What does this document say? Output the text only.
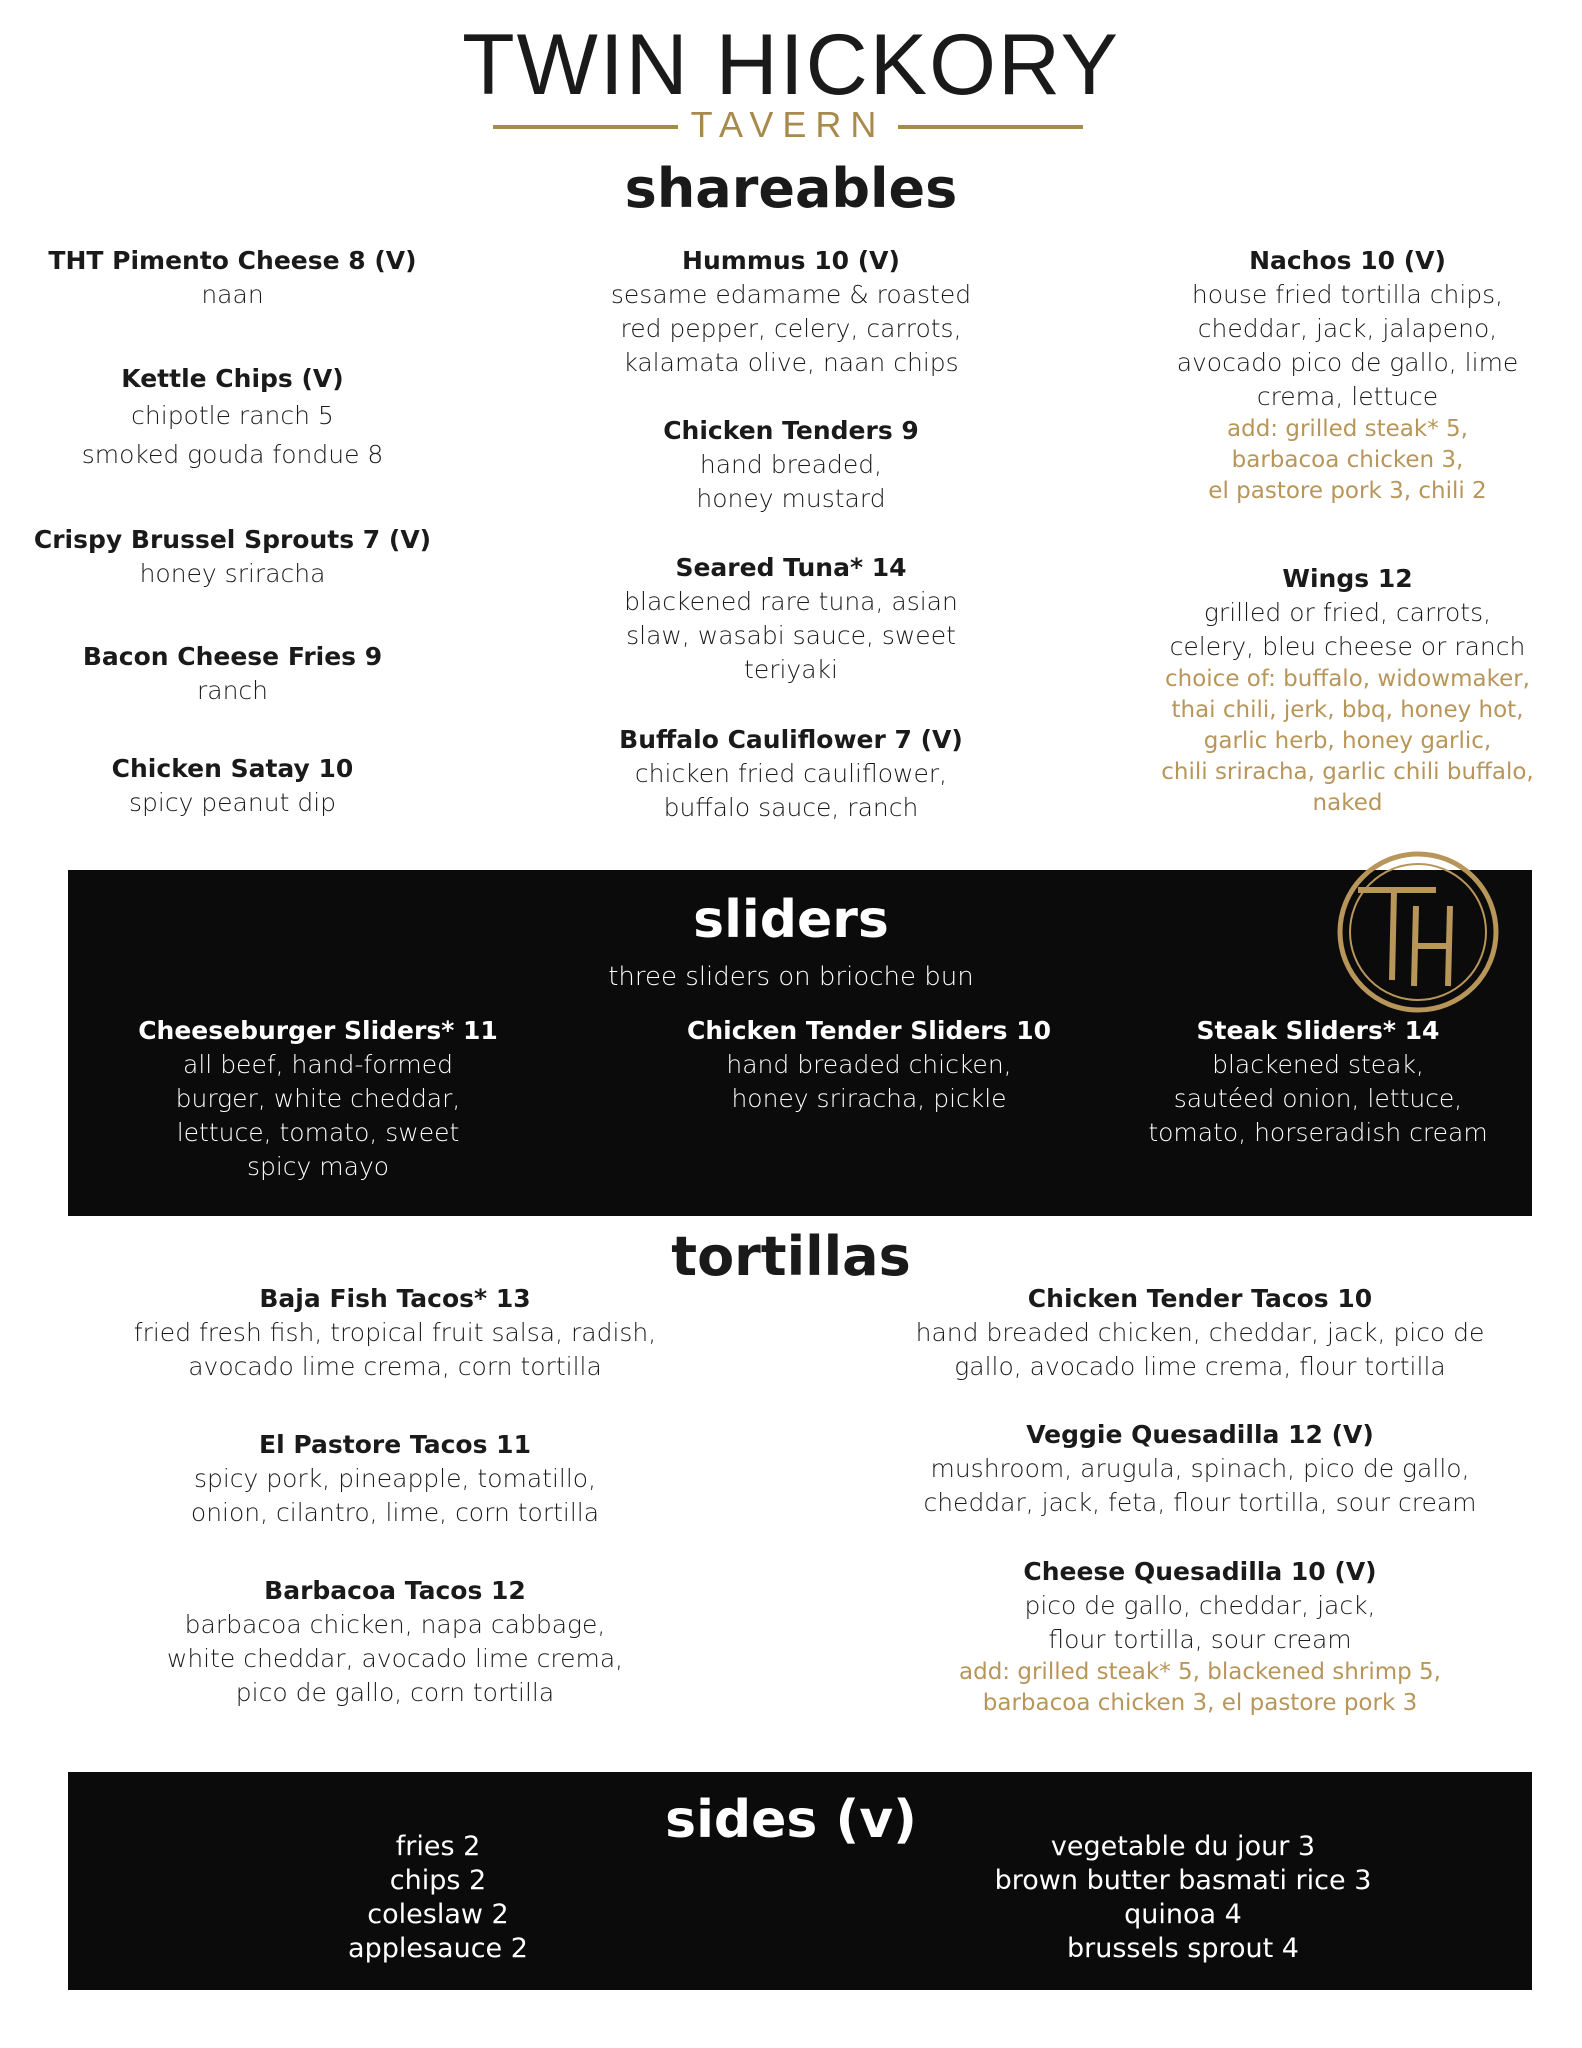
TWIN HICKORY
TAVERN
shareables
THT Pimento Cheese 8 (V)
naan
Kettle Chips (V)
chipotle ranch 5
smoked gouda fondue 8
Crispy Brussel Sprouts 7 (V)
honey sriracha
Bacon Cheese Fries 9
ranch
Chicken Satay 10
spicy peanut dip
Hummus 10 (V)
sesame edamame & roasted
red pepper, celery, carrots,
kalamata olive, naan chips
Chicken Tenders 9
hand breaded,
honey mustard
Seared Tuna* 14
blackened rare tuna, asian
slaw, wasabi sauce, sweet
teriyaki
Buffalo Cauliflower 7 (V)
chicken fried cauliflower,
buffalo sauce, ranch
Nachos 10 (V)
house fried tortilla chips,
cheddar, jack, jalapeno,
avocado pico de gallo, lime
crema, lettuce
add: grilled steak* 5,
barbacoa chicken 3,
el pastore pork 3, chili 2
Wings 12
grilled or fried, carrots,
celery, bleu cheese or ranch
choice of: buffalo, widowmaker,
thai chili, jerk, bbq, honey hot,
garlic herb, honey garlic,
chili sriracha, garlic chili buffalo,
naked
sliders
three sliders on brioche bun
Cheeseburger Sliders* 11
all beef, hand-formed
burger, white cheddar,
lettuce, tomato, sweet
spicy mayo
Chicken Tender Sliders 10
hand breaded chicken,
honey sriracha, pickle
Steak Sliders* 14
blackened steak,
sautéed onion, lettuce,
tomato, horseradish cream
tortillas
Baja Fish Tacos* 13
fried fresh fish, tropical fruit salsa, radish,
avocado lime crema, corn tortilla
El Pastore Tacos 11
spicy pork, pineapple, tomatillo,
onion, cilantro, lime, corn tortilla
Barbacoa Tacos 12
barbacoa chicken, napa cabbage,
white cheddar, avocado lime crema,
pico de gallo, corn tortilla
Chicken Tender Tacos 10
hand breaded chicken, cheddar, jack, pico de
gallo, avocado lime crema, flour tortilla
Veggie Quesadilla 12 (V)
mushroom, arugula, spinach, pico de gallo,
cheddar, jack, feta, flour tortilla, sour cream
Cheese Quesadilla 10 (V)
pico de gallo, cheddar, jack,
flour tortilla, sour cream
add: grilled steak* 5, blackened shrimp 5,
barbacoa chicken 3, el pastore pork 3
sides (v)
fries 2
chips 2
coleslaw 2
applesauce 2
vegetable du jour 3
brown butter basmati rice 3
quinoa 4
brussels sprout 4
